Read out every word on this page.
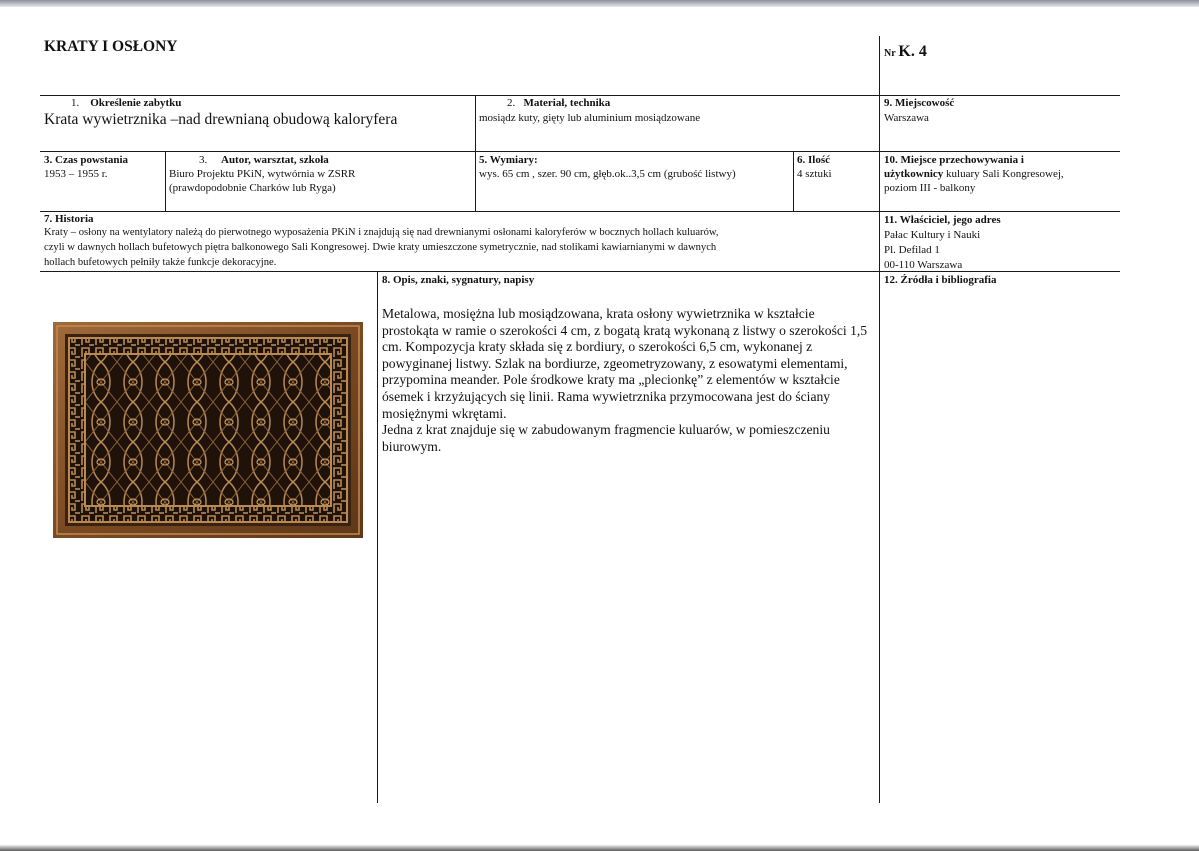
KRATY I OSŁONY	Nr K. 4
1. Określenie zabytku
Krata wywietrznika –nad drewnianą obudową kaloryfera
2. Materiał, technika
mosiądz kuty, gięty lub aluminium mosiądzowane
9. Miejscowość
Warszawa
3. Czas powstania
1953 – 1955 r.
3. Autor, warsztat, szkoła
Biuro Projektu PKiN, wytwórnia w ZSRR
(prawdopodobnie Charków lub Ryga)
5. Wymiary:
wys. 65 cm , szer. 90 cm, głęb.ok..3,5 cm (grubość listwy)
6. Ilość
4 sztuki
10. Miejsce przechowywania i
użytkownicy kuluary Sali Kongresowej,
poziom III - balkony
7. Historia
Kraty – osłony na wentylatory należą do pierwotnego wyposażenia PKiN i znajdują się nad drewnianymi osłonami kaloryferów w bocznych hollach kuluarów,
czyli w dawnych hollach bufetowych piętra balkonowego Sali Kongresowej. Dwie kraty umieszczone symetrycznie, nad stolikami kawiarnianymi w dawnych
hollach bufetowych pełniły także funkcje dekoracyjne.
11. Właściciel, jego adres
Pałac Kultury i Nauki
Pl. Defilad 1
00-110 Warszawa
8. Opis, znaki, sygnatury, napisy

Metalowa, mosiężna lub mosiądzowana, krata osłony wywietrznika w kształcie prostokąta w ramie o szerokości 4 cm, z bogatą kratą wykonaną z listwy o szerokości 1,5 cm. Kompozycja kraty składa się z bordiury, o szerokości 6,5 cm, wykonanej z powyginanej listwy. Szlak na bordiurze, zgeometryzowany, z esowatymi elementami, przypomina meander. Pole środkowe kraty ma „plecionkę” z elementów w kształcie ósemek i krzyżujących się linii. Rama wywietrznika przymocowana jest do ściany mosiężnymi wkrętami.

Jedna z krat znajduje się w zabudowanym fragmencie kuluarów, w pomieszczeniu biurowym.

12. Źródła i bibliografia
